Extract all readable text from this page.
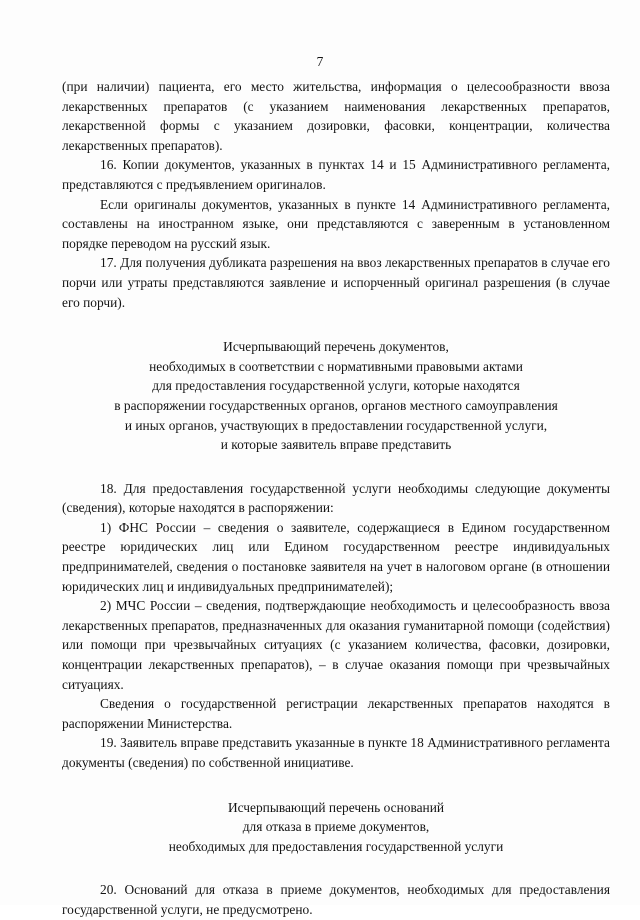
7

(при наличии) пациента, его место жительства, информация о целесообразности ввоза лекарственных препаратов (с указанием наименования лекарственных препаратов, лекарственной формы с указанием дозировки, фасовки, концентрации, количества лекарственных препаратов).

16. Копии документов, указанных в пунктах 14 и 15 Административного регламента, представляются с предъявлением оригиналов.

Если оригиналы документов, указанных в пункте 14 Административного регламента, составлены на иностранном языке, они представляются с заверенным в установленном порядке переводом на русский язык.

17. Для получения дубликата разрешения на ввоз лекарственных препаратов в случае его порчи или утраты представляются заявление и испорченный оригинал разрешения (в случае его порчи).

Исчерпывающий перечень документов,

необходимых в соответствии с нормативными правовыми актами

для предоставления государственной услуги, которые находятся

в распоряжении государственных органов, органов местного самоуправления

и иных органов, участвующих в предоставлении государственной услуги,

и которые заявитель вправе представить

18. Для предоставления государственной услуги необходимы следующие документы (сведения), которые находятся в распоряжении:

1) ФНС России – сведения о заявителе, содержащиеся в Едином государственном реестре юридических лиц или Едином государственном реестре индивидуальных предпринимателей, сведения о постановке заявителя на учет в налоговом органе (в отношении юридических лиц и индивидуальных предпринимателей);

2) МЧС России – сведения, подтверждающие необходимость и целесообразность ввоза лекарственных препаратов, предназначенных для оказания гуманитарной помощи (содействия) или помощи при чрезвычайных ситуациях (с указанием количества, фасовки, дозировки, концентрации лекарственных препаратов), – в случае оказания помощи при чрезвычайных ситуациях.

Сведения о государственной регистрации лекарственных препаратов находятся в распоряжении Министерства.

19. Заявитель вправе представить указанные в пункте 18 Административного регламента документы (сведения) по собственной инициативе.

Исчерпывающий перечень оснований

для отказа в приеме документов,

необходимых для предоставления государственной услуги

20. Оснований для отказа в приеме документов, необходимых для предоставления государственной услуги, не предусмотрено.
